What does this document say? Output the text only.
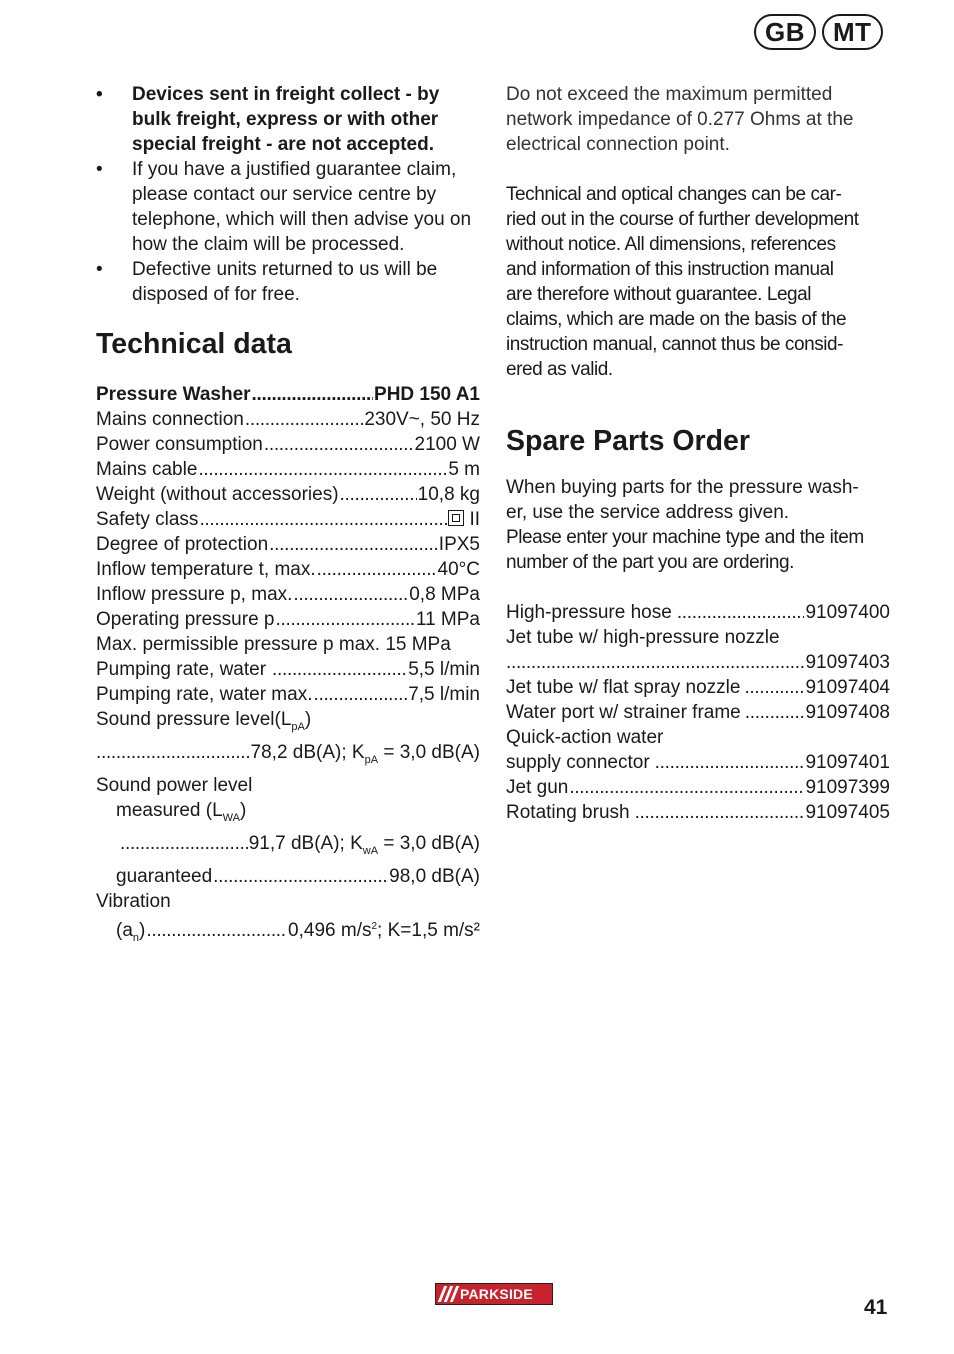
GB	MT
• Devices sent in freight collect - by bulk freight, express or with other special freight - are not accepted.
• If you have a justified guarantee claim, please contact our service centre by telephone, which will then advise you on how the claim will be processed.
• Defective units returned to us will be disposed of for free.
Technical data
Pressure Washer .....	PHD 150 A1
Mains connection .....	230V~, 50 Hz
Power consumption .....	2100 W
Mains cable .....	5 m
Weight (without accessories) .....	10,8 kg
Safety class .....	II
Degree of protection .....	IPX5
Inflow temperature t, max. .....	40°C
Inflow pressure p, max. .....	0,8 MPa
Operating pressure p .....	11 MPa
Max. permissible pressure p max. 15 MPa
Pumping rate, water .....	5,5 l/min
Pumping rate, water max. .....	7,5 l/min
Sound pressure $level(L_{pA})$
.....
78,2 dB(A); $K_{pA} = 3,0$ dB(A)
Sound power level
measured $(L_{WA})$
.....
91,7 dB(A); $K_{wA} = 3,0$ dB(A)
guaranteed .....	98,0 dB(A)
Vibration
$(a_n)$ .....	0,496 $m/s^2$; K=1,5 m/s²

Do not exceed the maximum permitted network impedance of 0.277 Ohms at the electrical connection point.

Technical and optical changes can be car-
ried out in the course of further development
without notice. All dimensions, references
and information of this instruction manual
are therefore without guarantee. Legal
claims, which are made on the basis of the
instruction manual, cannot thus be consid-
ered as valid.

Spare Parts Order

When buying parts for the pressure wash-
er, use the service address given.

Please enter your machine type and the item
number of the part you are ordering.

High-pressure hose .....	91097400
Jet tube w/ high-pressure nozzle
.....
91097403
Jet tube w/ flat spray nozzle .....	91097404
Water port w/ strainer frame .....	91097408
Quick-action water
supply connector .....	91097401
Jet gun .....	91097399
Rotating brush .....	91097405
PARKSIDE
41
